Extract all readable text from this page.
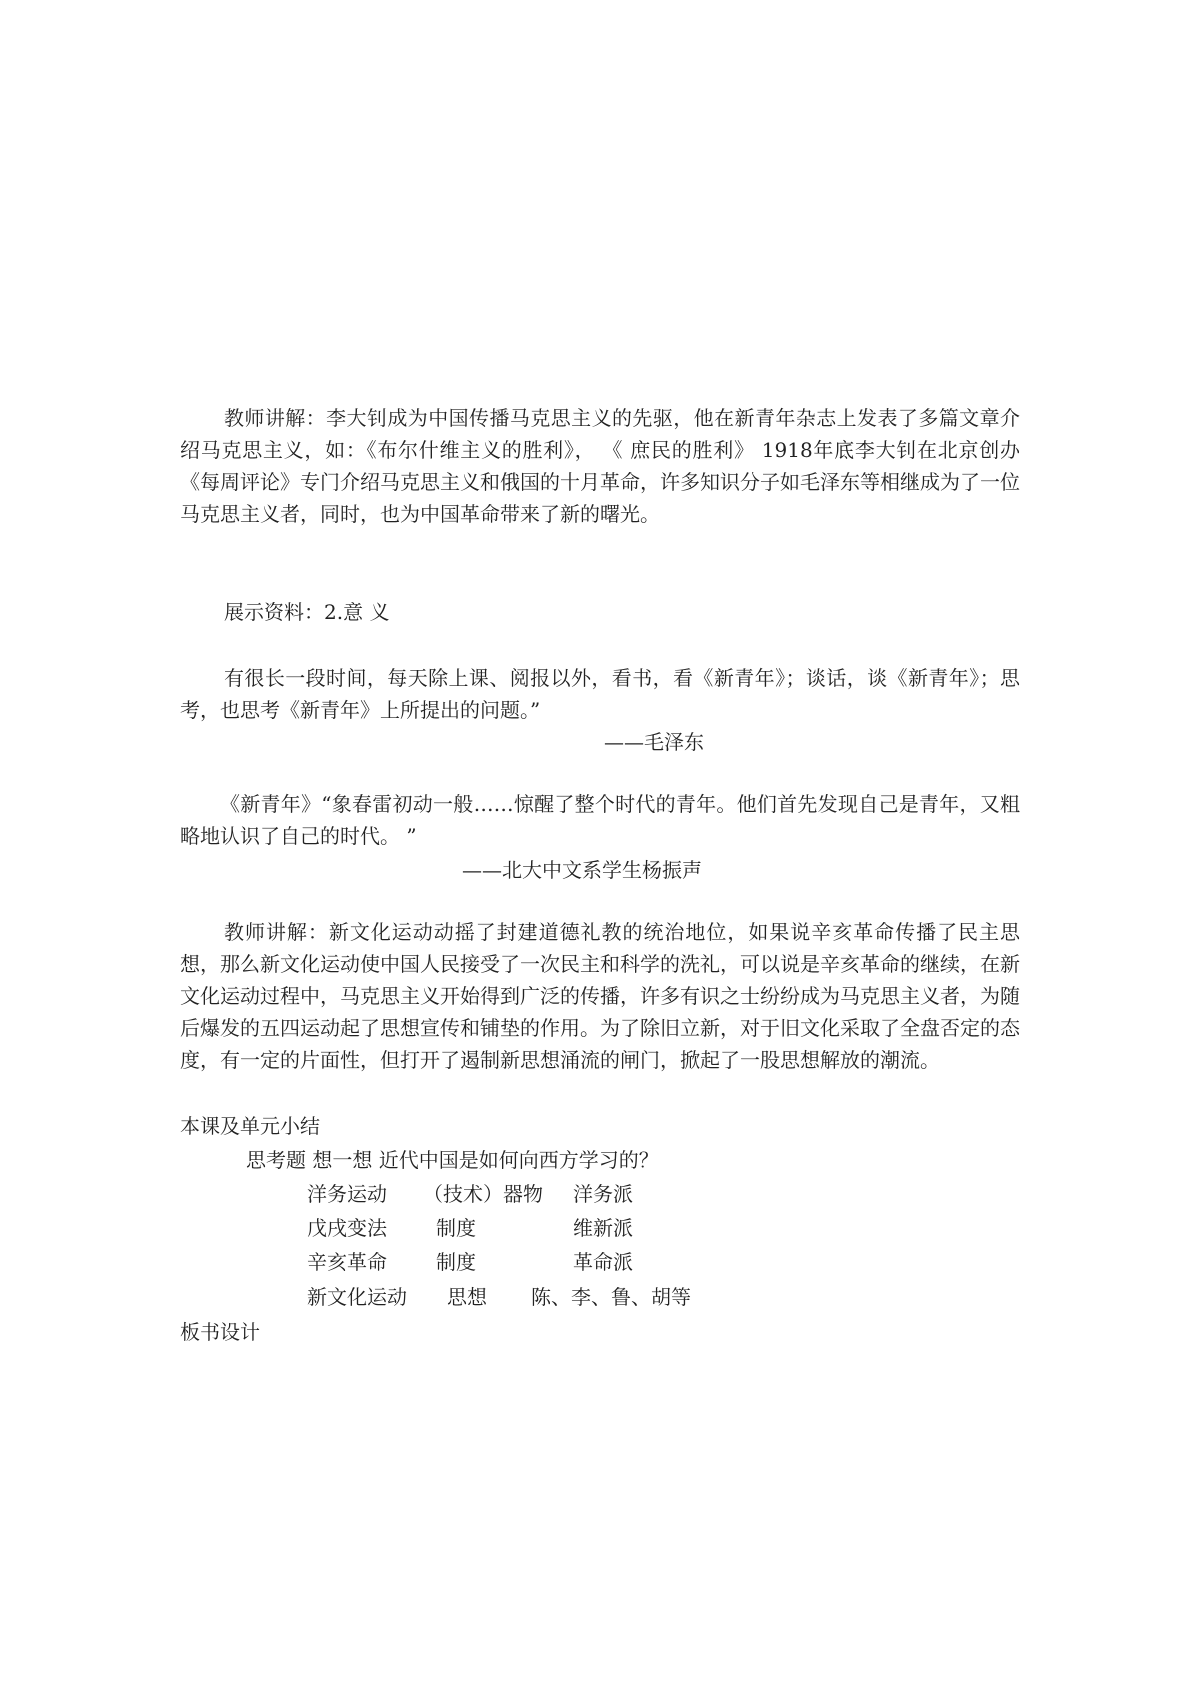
教师讲解：李大钊成为中国传播马克思主义的先驱，他在新青年杂志上发表了多篇文章介绍马克思主义，如：《布尔什维主义的胜利》， 《 庶民的胜利》 1918年底李大钊在北京创办《每周评论》专门介绍马克思主义和俄国的十月革命，许多知识分子如毛泽东等相继成为了一位马克思主义者，同时，也为中国革命带来了新的曙光。

展示资料：2.意 义

有很长一段时间，每天除上课、阅报以外，看书，看《新青年》；谈话，谈《新青年》；思考，也思考《新青年》上所提出的问题。”

——毛泽东

《新青年》“象春雷初动一般……惊醒了整个时代的青年。他们首先发现自己是青年，又粗略地认识了自己的时代。 ”

——北大中文系学生杨振声

教师讲解：新文化运动动摇了封建道德礼教的统治地位，如果说辛亥革命传播了民主思想，那么新文化运动使中国人民接受了一次民主和科学的洗礼，可以说是辛亥革命的继续，在新文化运动过程中，马克思主义开始得到广泛的传播，许多有识之士纷纷成为马克思主义者，为随后爆发的五四运动起了思想宣传和铺垫的作用。为了除旧立新，对于旧文化采取了全盘否定的态度，有一定的片面性，但打开了遏制新思想涌流的闸门，掀起了一股思想解放的潮流。

本课及单元小结

思考题 想一想 近代中国是如何向西方学习的？

洋务运动 （技术）器物 洋务派
戊戌变法 制度	维新派
辛亥革命 制度	革命派
新文化运动 思想 陈、李、鲁、胡等

板书设计
